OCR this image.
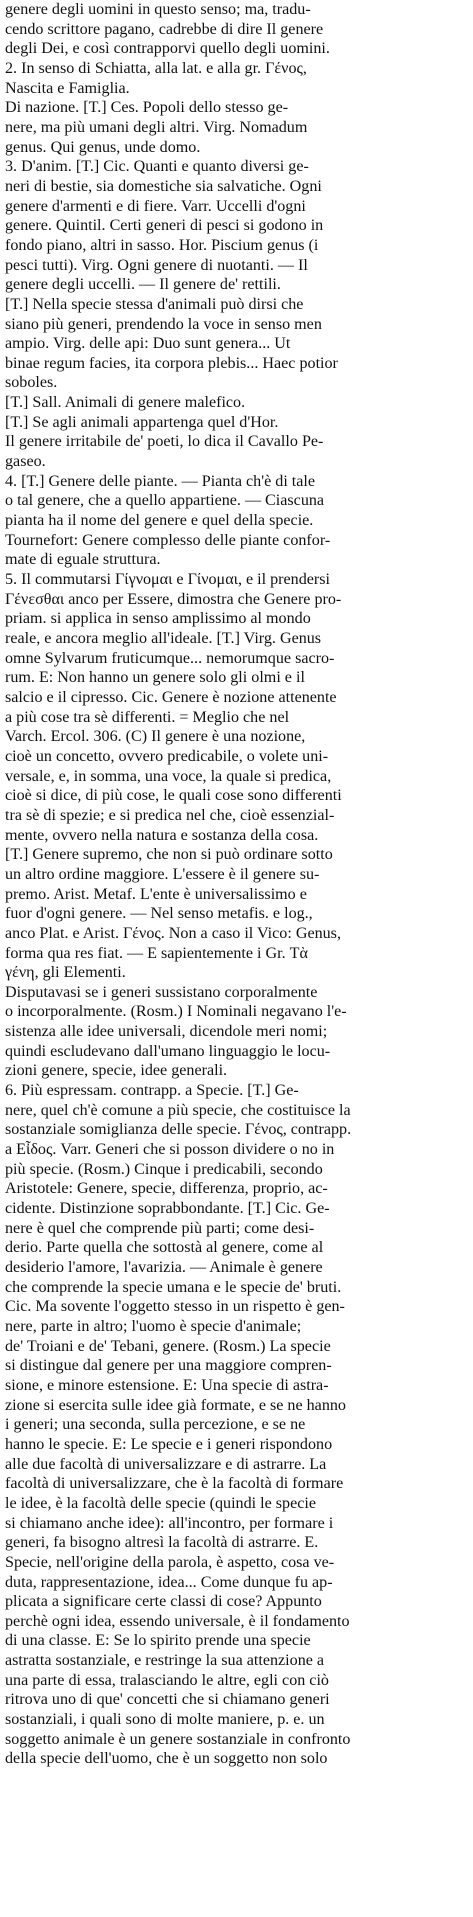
genere degli uomini in questo senso; ma, tradu-
cendo scrittore pagano, cadrebbe di dire Il genere
degli Dei, e così contrapporvi quello degli uomini.
2. In senso di Schiatta, alla lat. e alla gr. Γένος,
Nascita e Famiglia.
Di nazione. [T.] Ces. Popoli dello stesso ge-
nere, ma più umani degli altri. Virg. Nomadum
genus. Qui genus, unde domo.
3. D'anim. [T.] Cic. Quanti e quanto diversi ge-
neri di bestie, sia domestiche sia salvatiche. Ogni
genere d'armenti e di fiere. Varr. Uccelli d'ogni
genere. Quintil. Certi generi di pesci si godono in
fondo piano, altri in sasso. Hor. Piscium genus (i
pesci tutti). Virg. Ogni genere di nuotanti. — Il
genere degli uccelli. — Il genere de' rettili.
[T.] Nella specie stessa d'animali può dirsi che
siano più generi, prendendo la voce in senso men
ampio. Virg. delle api: Duo sunt genera... Ut
binae regum facies, ita corpora plebis... Haec potior
soboles.
[T.] Sall. Animali di genere malefico.
[T.] Se agli animali appartenga quel d'Hor.
Il genere irritabile de' poeti, lo dica il Cavallo Pe-
gaseo.
4. [T.] Genere delle piante. — Pianta ch'è di tale
o tal genere, che a quello appartiene. — Ciascuna
pianta ha il nome del genere e quel della specie.
Tournefort: Genere complesso delle piante confor-
mate di eguale struttura.
5. Il commutarsi Γίγνομαι e Γίνομαι, e il prendersi
Γένεσθαι anco per Essere, dimostra che Genere pro-
priam. si applica in senso amplissimo al mondo
reale, e ancora meglio all'ideale. [T.] Virg. Genus
omne Sylvarum fruticumque... nemorumque sacro-
rum. E: Non hanno un genere solo gli olmi e il
salcio e il cipresso. Cic. Genere è nozione attenente
a più cose tra sè differenti. = Meglio che nel
Varch. Ercol. 306. (C) Il genere è una nozione,
cioè un concetto, ovvero predicabile, o volete uni-
versale, e, in somma, una voce, la quale si predica,
cioè si dice, di più cose, le quali cose sono differenti
tra sè di spezie; e si predica nel che, cioè essenzial-
mente, ovvero nella natura e sostanza della cosa.
[T.] Genere supremo, che non si può ordinare sotto
un altro ordine maggiore. L'essere è il genere su-
premo. Arist. Metaf. L'ente è universalissimo e
fuor d'ogni genere. — Nel senso metafis. e log.,
anco Plat. e Arist. Γένος. Non a caso il Vico: Genus,
forma qua res fiat. — E sapientemente i Gr. Τὰ
γένη, gli Elementi.
Disputavasi se i generi sussistano corporalmente
o incorporalmente. (Rosm.) I Nominali negavano l'e-
sistenza alle idee universali, dicendole meri nomi;
quindi escludevano dall'umano linguaggio le locu-
zioni genere, specie, idee generali.
6. Più espressam. contrapp. a Specie. [T.] Ge-
nere, quel ch'è comune a più specie, che costituisce la
sostanziale somiglianza delle specie. Γένος, contrapp.
a Εἶδος. Varr. Generi che si posson dividere o no in
più specie. (Rosm.) Cinque i predicabili, secondo
Aristotele: Genere, specie, differenza, proprio, ac-
cidente. Distinzione soprabbondante. [T.] Cic. Ge-
nere è quel che comprende più parti; come desi-
derio. Parte quella che sottostà al genere, come al
desiderio l'amore, l'avarizia. — Animale è genere
che comprende la specie umana e le specie de' bruti.
Cic. Ma sovente l'oggetto stesso in un rispetto è gen-
nere, parte in altro; l'uomo è specie d'animale;
de' Troiani e de' Tebani, genere. (Rosm.) La specie
si distingue dal genere per una maggiore compren-
sione, e minore estensione. E: Una specie di astra-
zione si esercita sulle idee già formate, e se ne hanno
i generi; una seconda, sulla percezione, e se ne
hanno le specie. E: Le specie e i generi rispondono
alle due facoltà di universalizzare e di astrarre. La
facoltà di universalizzare, che è la facoltà di formare
le idee, è la facoltà delle specie (quindi le specie
si chiamano anche idee): all'incontro, per formare i
generi, fa bisogno altresì la facoltà di astrarre. E.
Specie, nell'origine della parola, è aspetto, cosa ve-
duta, rappresentazione, idea... Come dunque fu ap-
plicata a significare certe classi di cose? Appunto
perchè ogni idea, essendo universale, è il fondamento
di una classe. E: Se lo spirito prende una specie
astratta sostanziale, e restringe la sua attenzione a
una parte di essa, tralasciando le altre, egli con ciò
ritrova uno di que' concetti che si chiamano generi
sostanziali, i quali sono di molte maniere, p. e. un
soggetto animale è un genere sostanziale in confronto
della specie dell'uomo, che è un soggetto non solo
